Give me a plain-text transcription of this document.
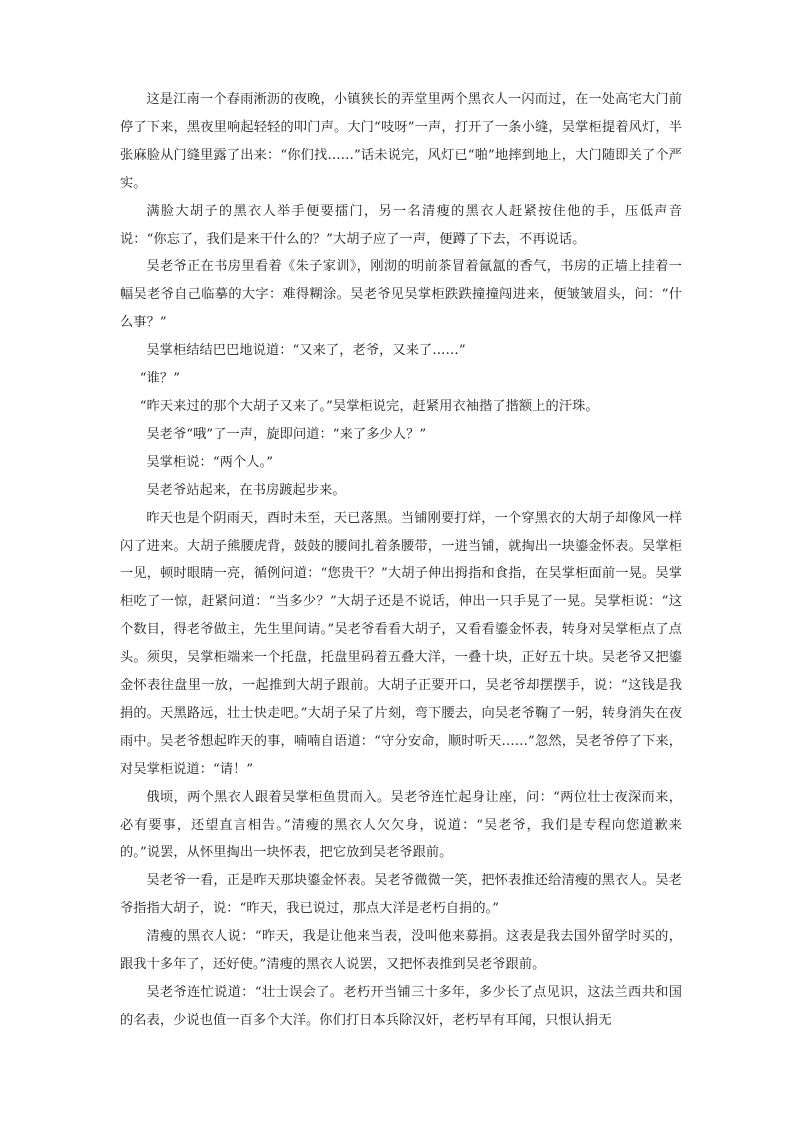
这是江南一个春雨淅沥的夜晚，小镇狭长的弄堂里两个黑衣人一闪而过，在一处高宅大门前停了下来，黑夜里响起轻轻的叩门声。大门“吱呀”一声，打开了一条小缝，吴掌柜提着风灯，半张麻脸从门缝里露了出来：“你们找……”话未说完，风灯已“啪”地摔到地上，大门随即关了个严实。

满脸大胡子的黑衣人举手便要擂门，另一名清瘦的黑衣人赶紧按住他的手，压低声音说：“你忘了，我们是来干什么的？”大胡子应了一声，便蹲了下去，不再说话。

吴老爷正在书房里看着《朱子家训》，刚沏的明前茶冒着氤氲的香气，书房的正墙上挂着一幅吴老爷自己临摹的大字：难得糊涂。吴老爷见吴掌柜跌跌撞撞闯进来，便皱皱眉头，问：“什么事？”

吴掌柜结结巴巴地说道：“又来了，老爷，又来了……”

“谁？”

“昨天来过的那个大胡子又来了。”吴掌柜说完，赶紧用衣袖揩了揩额上的汗珠。

吴老爷“哦”了一声，旋即问道：“来了多少人？”

吴掌柜说：“两个人。”

吴老爷站起来，在书房踱起步来。

昨天也是个阴雨天，酉时未至，天已落黑。当铺刚要打烊，一个穿黑衣的大胡子却像风一样闪了进来。大胡子熊腰虎背，鼓鼓的腰间扎着条腰带，一进当铺，就掏出一块鎏金怀表。吴掌柜一见，顿时眼睛一亮，循例问道：“您贵干？”大胡子伸出拇指和食指，在吴掌柜面前一晃。吴掌柜吃了一惊，赶紧问道：“当多少？”大胡子还是不说话，伸出一只手晃了一晃。吴掌柜说：“这个数目，得老爷做主，先生里间请。”吴老爷看看大胡子，又看看鎏金怀表，转身对吴掌柜点了点头。须臾，吴掌柜端来一个托盘，托盘里码着五叠大洋，一叠十块，正好五十块。吴老爷又把鎏金怀表往盘里一放，一起推到大胡子跟前。大胡子正要开口，吴老爷却摆摆手，说：“这钱是我捐的。天黑路远，壮士快走吧。”大胡子呆了片刻，弯下腰去，向吴老爷鞠了一躬，转身消失在夜雨中。吴老爷想起昨天的事，喃喃自语道：“守分安命，顺时听天……”忽然，吴老爷停了下来，对吴掌柜说道：“请！”

俄顷，两个黑衣人跟着吴掌柜鱼贯而入。吴老爷连忙起身让座，问：“两位壮士夜深而来，必有要事，还望直言相告。”清瘦的黑衣人欠欠身，说道：“吴老爷，我们是专程向您道歉来的。”说罢，从怀里掏出一块怀表，把它放到吴老爷跟前。

吴老爷一看，正是昨天那块鎏金怀表。吴老爷微微一笑，把怀表推还给清瘦的黑衣人。吴老爷指指大胡子，说：“昨天，我已说过，那点大洋是老朽自捐的。”

清瘦的黑衣人说：“昨天，我是让他来当表，没叫他来募捐。这表是我去国外留学时买的，跟我十多年了，还好使。”清瘦的黑衣人说罢，又把怀表推到吴老爷跟前。

吴老爷连忙说道：“壮士误会了。老朽开当铺三十多年，多少长了点见识，这法兰西共和国的名表，少说也值一百多个大洋。你们打日本兵除汉奸，老朽早有耳闻，只恨认捐无
